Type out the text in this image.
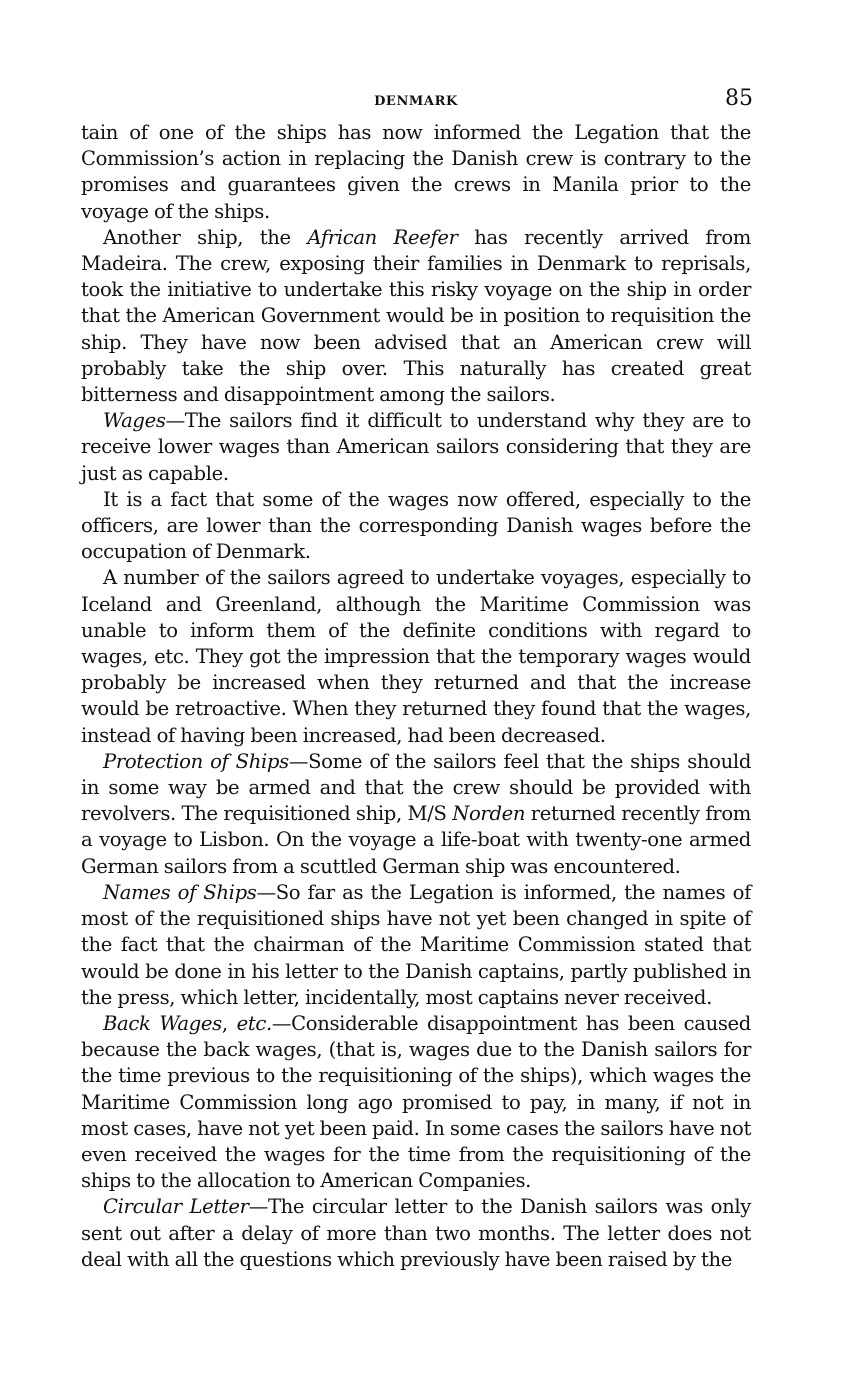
DENMARK	85

tain of one of the ships has now informed the Legation that the Commission’s action in replacing the Danish crew is contrary to the promises and guarantees given the crews in Manila prior to the voyage of the ships.

Another ship, the African Reefer has recently arrived from Madeira. The crew, exposing their families in Denmark to reprisals, took the initiative to undertake this risky voyage on the ship in order that the American Government would be in position to requisition the ship. They have now been advised that an American crew will probably take the ship over. This naturally has created great bitterness and disappointment among the sailors.

Wages—The sailors find it difficult to understand why they are to receive lower wages than American sailors considering that they are just as capable.

It is a fact that some of the wages now offered, especially to the officers, are lower than the corresponding Danish wages before the occupation of Denmark.

A number of the sailors agreed to undertake voyages, especially to Iceland and Greenland, although the Maritime Commission was unable to inform them of the definite conditions with regard to wages, etc. They got the impression that the temporary wages would probably be increased when they returned and that the increase would be retroactive. When they returned they found that the wages, instead of having been increased, had been decreased.

Protection of Ships—Some of the sailors feel that the ships should in some way be armed and that the crew should be provided with revolvers. The requisitioned ship, M/S Norden returned recently from a voyage to Lisbon. On the voyage a life-boat with twenty-one armed German sailors from a scuttled German ship was encountered.

Names of Ships—So far as the Legation is informed, the names of most of the requisitioned ships have not yet been changed in spite of the fact that the chairman of the Maritime Commission stated that would be done in his letter to the Danish captains, partly published in the press, which letter, incidentally, most captains never received.

Back Wages, etc.—Considerable disappointment has been caused because the back wages, (that is, wages due to the Danish sailors for the time previous to the requisitioning of the ships), which wages the Maritime Commission long ago promised to pay, in many, if not in most cases, have not yet been paid. In some cases the sailors have not even received the wages for the time from the requisitioning of the ships to the allocation to American Companies.

Circular Letter—The circular letter to the Danish sailors was only sent out after a delay of more than two months. The letter does not deal with all the questions which previously have been raised by the
